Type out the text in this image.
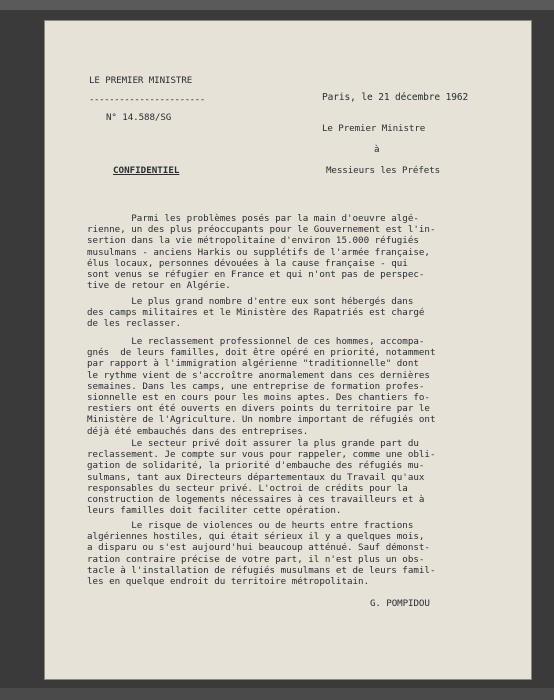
LE PREMIER MINISTRE
-----------------------
N° 14.588/SG
Paris, le 21 décembre 1962
Le Premier Ministre
à
CONFIDENTIEL	Messieurs les Préfets
Parmi les problèmes posés par la main d'oeuvre algé-
rienne, un des plus préoccupants pour le Gouvernement est l'in-
sertion dans la vie métropolitaine d'environ 15.000 réfugiés
musulmans - anciens Harkis ou supplétifs de l'armée française,
élus locaux, personnes dévouées à la cause française - qui
sont venus se réfugier en France et qui n'ont pas de perspec-
tive de retour en Algérie.
Le plus grand nombre d'entre eux sont hébergés dans
des camps militaires et le Ministère des Rapatriés est chargé
de les reclasser.
Le reclassement professionnel de ces hommes, accompa-
gnés  de leurs familles, doit être opéré en priorité, notamment
par rapport à l'immigration algérienne "traditionnelle" dont
le rythme vient de s'accroître anormalement dans ces dernières
semaines. Dans les camps, une entreprise de formation profes-
sionnelle est en cours pour les moins aptes. Des chantiers fo-
restiers ont été ouverts en divers points du territoire par le
Ministère de l'Agriculture. Un nombre important de réfugiés ont
déjà été embauchés dans des entreprises.
Le secteur privé doit assurer la plus grande part du
reclassement. Je compte sur vous pour rappeler, comme une obli-
gation de solidarité, la priorité d'embauche des réfugiés mu-
sulmans, tant aux Directeurs départementaux du Travail qu'aux
responsables du secteur privé. L'octroi de crédits pour la
construction de logements nécessaires à ces travailleurs et à
leurs familles doit faciliter cette opération.
Le risque de violences ou de heurts entre fractions
algériennes hostiles, qui était sérieux il y a quelques mois,
a disparu ou s'est aujourd'hui beaucoup atténué. Sauf démonst-
ration contraire précise de votre part, il n'est plus un obs-
tacle à l'installation de réfugiés musulmans et de leurs famil-
les en quelque endroit du territoire métropolitain.
G. POMPIDOU
